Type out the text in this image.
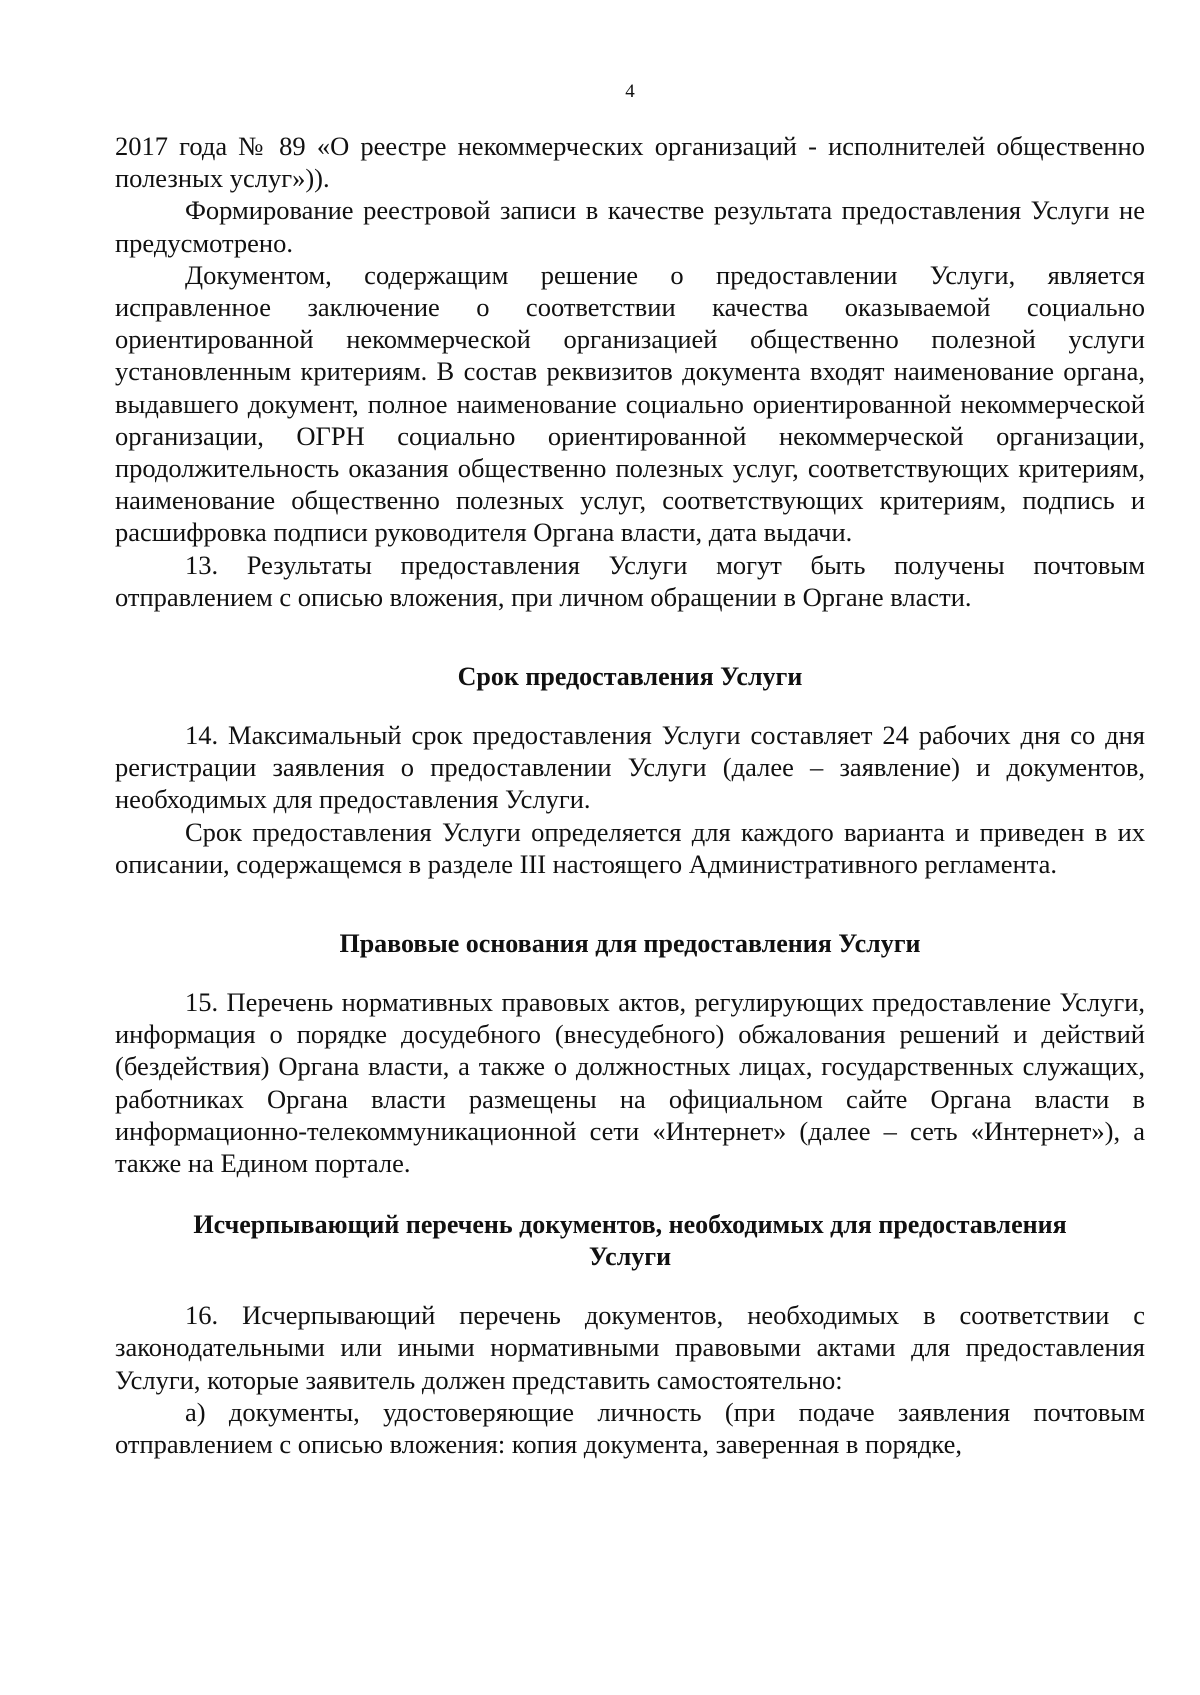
4

2017 года № 89 «О реестре некоммерческих организаций - исполнителей общественно полезных услуг»)).

Формирование реестровой записи в качестве результата предоставления Услуги не предусмотрено.

Документом, содержащим решение о предоставлении Услуги, является исправленное заключение о соответствии качества оказываемой социально ориентированной некоммерческой организацией общественно полезной услуги установленным критериям. В состав реквизитов документа входят наименование органа, выдавшего документ, полное наименование социально ориентированной некоммерческой организации, ОГРН социально ориентированной некоммерческой организации, продолжительность оказания общественно полезных услуг, соответствующих критериям, наименование общественно полезных услуг, соответствующих критериям, подпись и расшифровка подписи руководителя Органа власти, дата выдачи.

13. Результаты предоставления Услуги могут быть получены почтовым отправлением с описью вложения, при личном обращении в Органе власти.

Срок предоставления Услуги

14. Максимальный срок предоставления Услуги составляет 24 рабочих дня со дня регистрации заявления о предоставлении Услуги (далее – заявление) и документов, необходимых для предоставления Услуги.

Срок предоставления Услуги определяется для каждого варианта и приведен в их описании, содержащемся в разделе III настоящего Административного регламента.

Правовые основания для предоставления Услуги

15. Перечень нормативных правовых актов, регулирующих предоставление Услуги, информация о порядке досудебного (внесудебного) обжалования решений и действий (бездействия) Органа власти, а также о должностных лицах, государственных служащих, работниках Органа власти размещены на официальном сайте Органа власти в информационно-телекоммуникационной сети «Интернет» (далее – сеть «Интернет»), а также на Едином портале.

Исчерпывающий перечень документов, необходимых для предоставления

Услуги

16. Исчерпывающий перечень документов, необходимых в соответствии с законодательными или иными нормативными правовыми актами для предоставления Услуги, которые заявитель должен представить самостоятельно:

а) документы, удостоверяющие личность (при подаче заявления почтовым отправлением с описью вложения: копия документа, заверенная в порядке,
